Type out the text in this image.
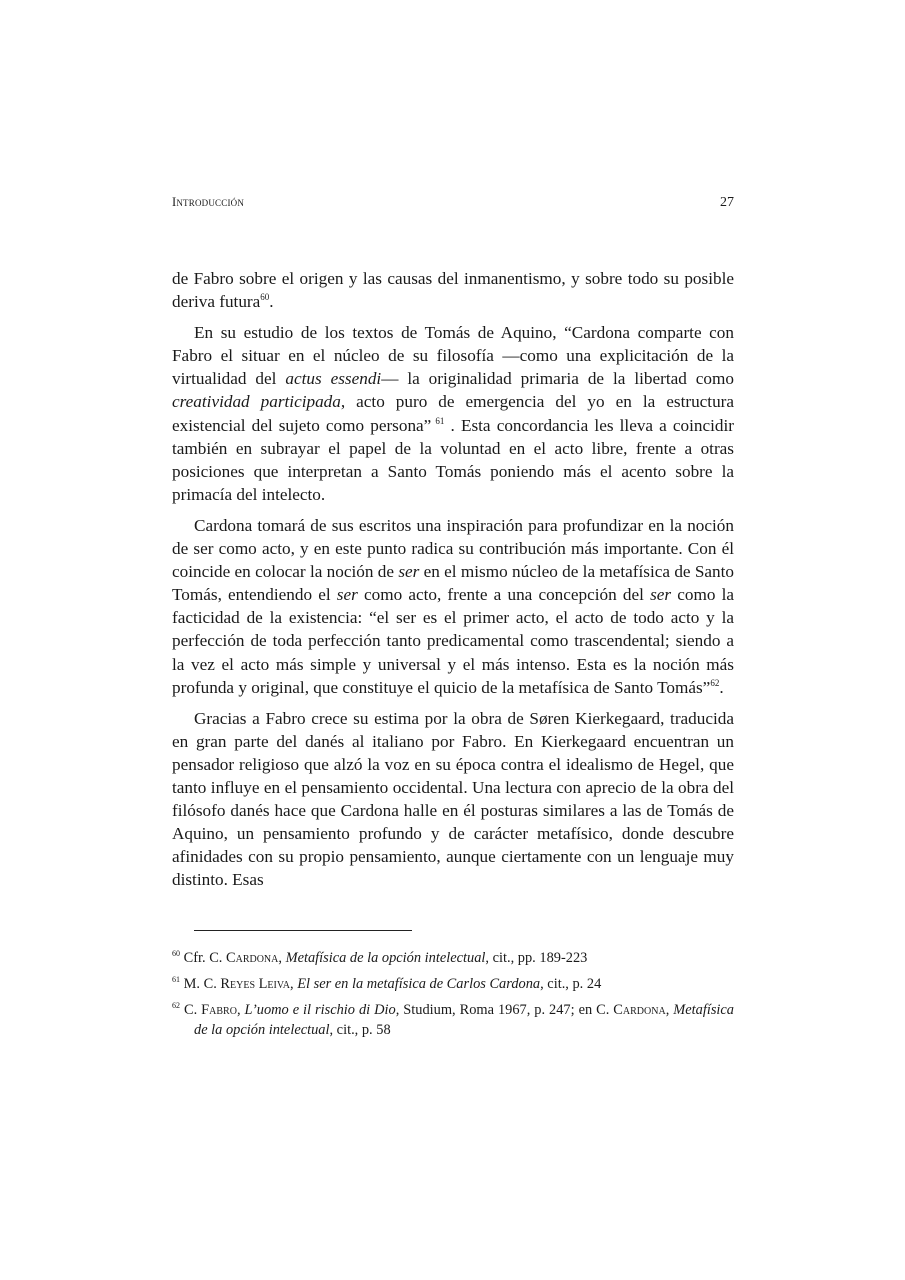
Introducción	27

de Fabro sobre el origen y las causas del inmanentismo, y sobre todo su posible deriva futura$^{60}$.

En su estudio de los textos de Tomás de Aquino, “Cardona comparte con Fabro el situar en el núcleo de su filosofía —como una explicitación de la virtualidad del actus essendi— la originalidad primaria de la libertad como creatividad participada, acto puro de emergencia del yo en la estructura existencial del sujeto como persona” $^{61}$ . Esta concordancia les lleva a coincidir también en subrayar el papel de la voluntad en el acto libre, frente a otras posiciones que interpretan a Santo Tomás poniendo más el acento sobre la primacía del intelecto.

Cardona tomará de sus escritos una inspiración para profundizar en la noción de ser como acto, y en este punto radica su contribución más importante. Con él coincide en colocar la noción de ser en el mismo núcleo de la metafísica de Santo Tomás, entendiendo el ser como acto, frente a una concepción del ser como la facticidad de la existencia: “el ser es el primer acto, el acto de todo acto y la perfección de toda perfección tanto predicamental como trascendental; siendo a la vez el acto más simple y universal y el más intenso. Esta es la noción más profunda y original, que constituye el quicio de la metafísica de Santo Tomás”$^{62}$.

Gracias a Fabro crece su estima por la obra de Søren Kierkegaard, traducida en gran parte del danés al italiano por Fabro. En Kierkegaard encuentran un pensador religioso que alzó la voz en su época contra el idealismo de Hegel, que tanto influye en el pensamiento occidental. Una lectura con aprecio de la obra del filósofo danés hace que Cardona halle en él posturas similares a las de Tomás de Aquino, un pensamiento profundo y de carácter metafísico, donde descubre afinidades con su propio pensamiento, aunque ciertamente con un lenguaje muy distinto. Esas

$^{60}$ Cfr. C. Cardona, Metafísica de la opción intelectual, cit., pp. 189-223
$^{61}$ M. C. Reyes Leiva, El ser en la metafísica de Carlos Cardona, cit., p. 24
$^{62}$ C. Fabro, L’uomo e il rischio di Dio, Studium, Roma 1967, p. 247; en C. Cardona, Metafísica de la opción intelectual, cit., p. 58
